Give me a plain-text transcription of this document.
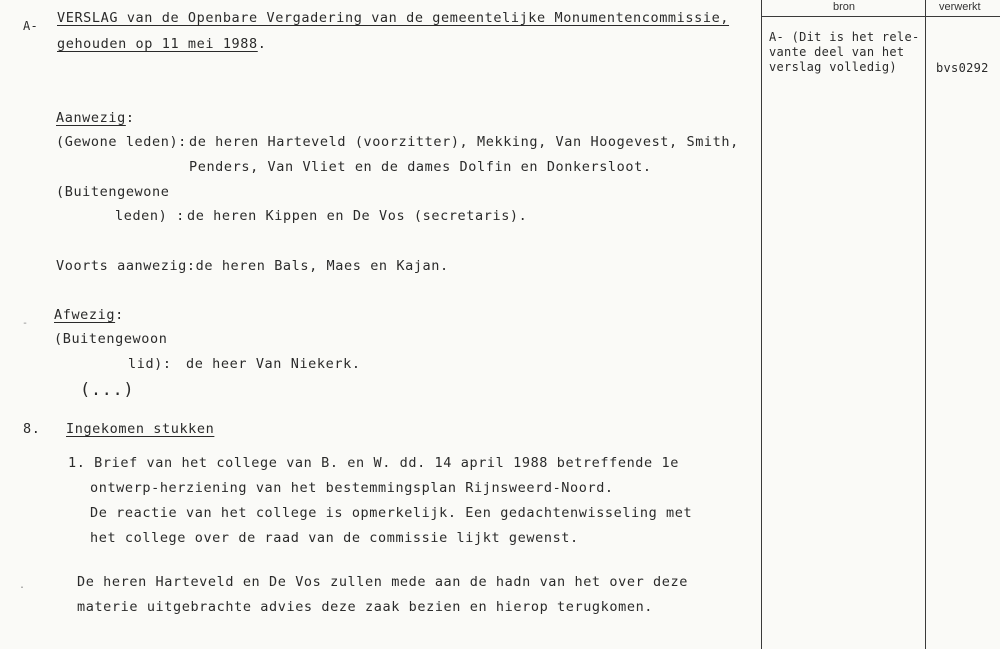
bron	verwerkt
A- (Dit is het rele-
vante deel van het
verslag volledig)	bvs0292
A- VERSLAG van de Openbare Vergadering van de gemeentelijke Monumentencommissie,
gehouden op 11 mei 1988.
Aanwezig:
(Gewone leden): de heren Harteveld (voorzitter), Mekking, Van Hoogevest, Smith,
Penders, Van Vliet en de dames Dolfin en Donkersloot.
(Buitengewone
leden) : de heren Kippen en De Vos (secretaris).
Voorts aanwezig:de heren Bals, Maes en Kajan.
Afwezig:
(Buitengewoon
lid): de heer Van Niekerk.
(...)
8. Ingekomen stukken
1. Brief van het college van B. en W. dd. 14 april 1988 betreffende 1e
ontwerp-herziening van het bestemmingsplan Rijnsweerd-Noord.
De reactie van het college is opmerkelijk. Een gedachtenwisseling met
het college over de raad van de commissie lijkt gewenst.
De heren Harteveld en De Vos zullen mede aan de hadn van het over deze
materie uitgebrachte advies deze zaak bezien en hierop terugkomen.
-
.
